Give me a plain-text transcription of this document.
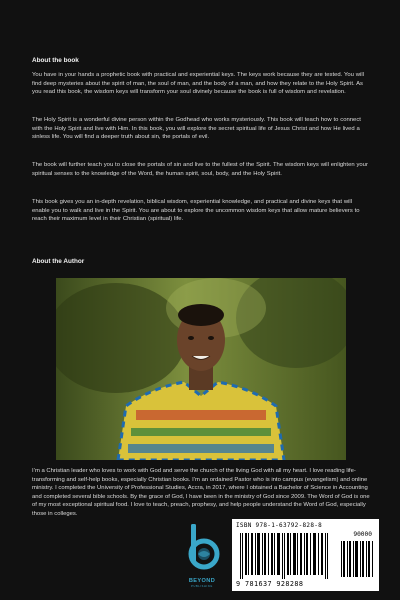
About the book

You have in your hands a prophetic book with practical and experiential keys. The keys work because they are tested. You will find deep mysteries about the spirit of man, the soul of man, and the body of a man, and how they relate to the Holy Spirit. As you read this book, the wisdom keys will transform your soul divinely because the book is full of wisdom and revelation.

The Holy Spirit is a wonderful divine person within the Godhead who works mysteriously. This book will teach how to connect with the Holy Spirit and live with Him. In this book, you will explore the secret spiritual life of Jesus Christ and how He lived a sinless life. You will find a deeper truth about sin, the portals of evil.

The book will further teach you to close the portals of sin and live to the fullest of the Spirit. The wisdom keys will enlighten your spiritual senses to the knowledge of the Word, the human spirit, soul, body, and the Holy Spirit.

This book gives you an in-depth revelation, biblical wisdom, experiential knowledge, and practical and divine keys that will enable you to walk and live in the Spirit. You are about to explore the uncommon wisdom keys that allow mature believers to reach their maximum level in their Christian (spiritual) life.

About the Author

I’m a Christian leader who loves to work with God and serve the church of the living God with all my heart. I love reading life-transforming and self-help books, especially Christian books. I’m an ordained Pastor who is into campus (evangelism) and online ministry. I completed the University of Professional Studies, Accra, in 2017, where I obtained a Bachelor of Science in Accounting and completed several bible schools. By the grace of God, I have been in the ministry of God since 2009. The Word of God is one of my most exceptional spiritual food. I love to teach, preach, prophesy, and help people understand the Word of God, especially those in colleges.

BEYOND
PUBLISHING
ISBN 978-1-63792-828-8
90000
9 781637 928288
